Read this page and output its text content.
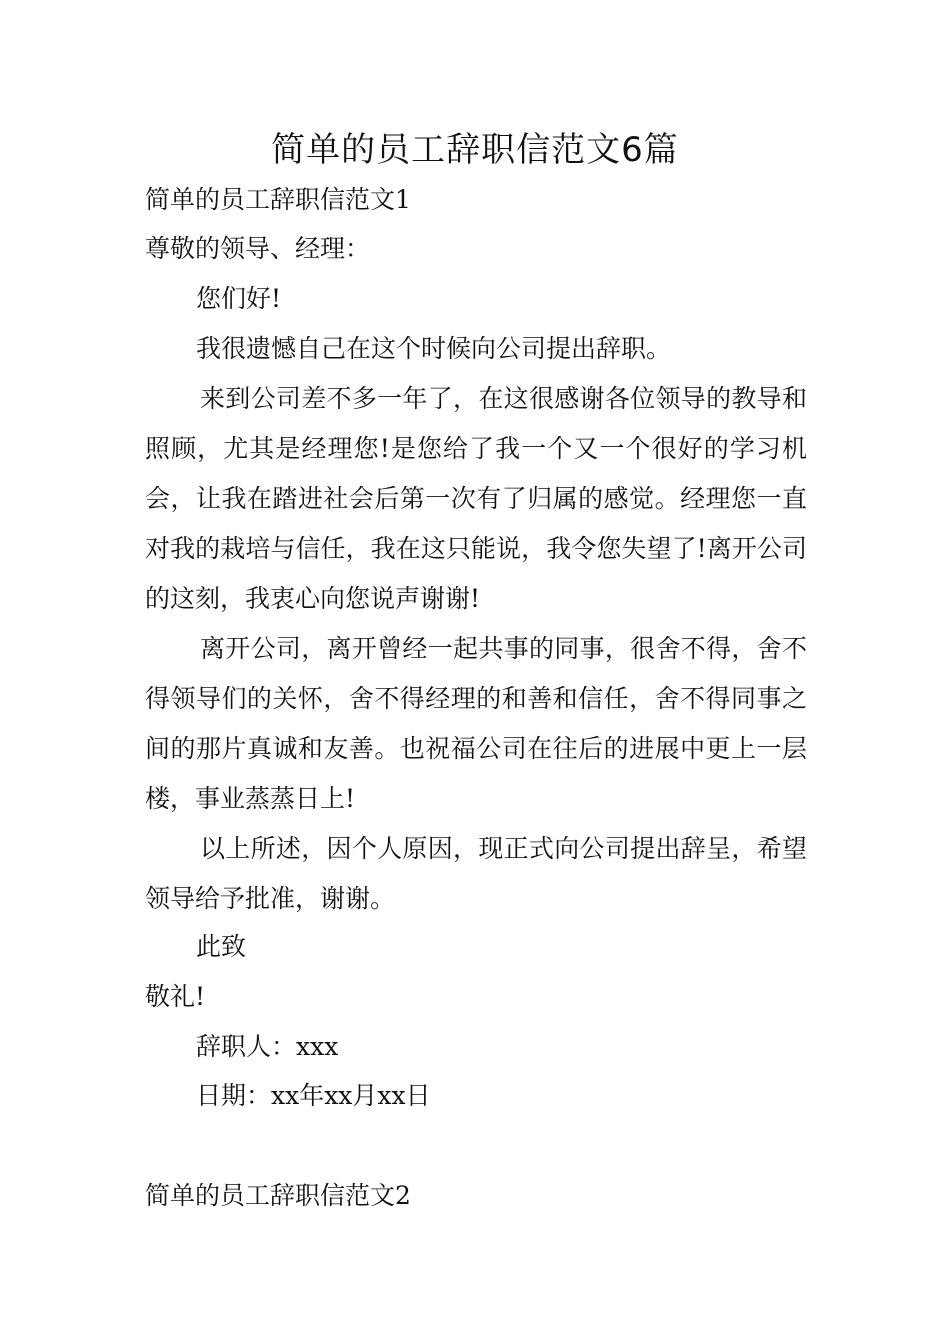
简单的员工辞职信范文6篇
简单的员工辞职信范文1
尊敬的领导、经理：
您们好!
我很遗憾自己在这个时候向公司提出辞职。
来到公司差不多一年了，在这很感谢各位领导的教导和照顾，尤其是经理您!是您给了我一个又一个很好的学习机会，让我在踏进社会后第一次有了归属的感觉。经理您一直对我的栽培与信任，我在这只能说，我令您失望了!离开公司的这刻，我衷心向您说声谢谢!
离开公司，离开曾经一起共事的同事，很舍不得，舍不得领导们的关怀，舍不得经理的和善和信任，舍不得同事之间的那片真诚和友善。也祝福公司在往后的进展中更上一层楼，事业蒸蒸日上!
以上所述，因个人原因，现正式向公司提出辞呈，希望领导给予批准，谢谢。
此致
敬礼!
辞职人：xxx
日期：xx年xx月xx日
简单的员工辞职信范文2
